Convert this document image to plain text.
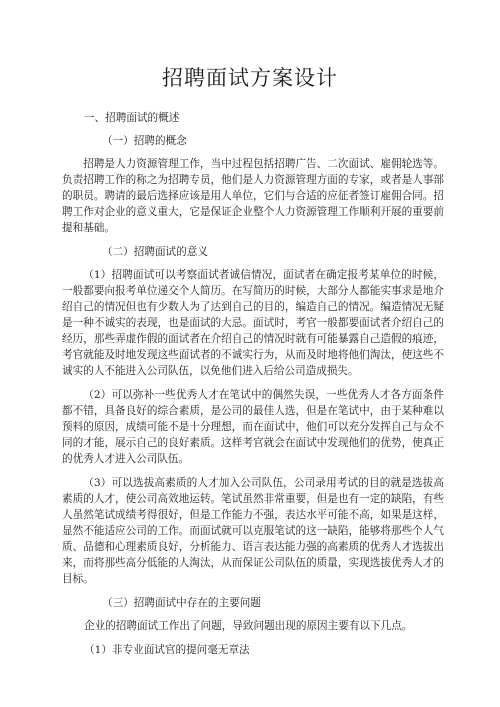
招聘面试方案设计

一、招聘面试的概述

（一）招聘的概念

招聘是人力资源管理工作，当中过程包括招聘广告、二次面试、雇佣轮选等。负责招聘工作的称之为招聘专员，他们是人力资源管理方面的专家，或者是人事部的职员。聘请的最后选择应该是用人单位，它们与合适的应征者签订雇佣合同。招聘工作对企业的意义重大，它是保证企业整个人力资源管理工作顺利开展的重要前提和基础。

（二）招聘面试的意义

（1）招聘面试可以考察面试者诚信情况，面试者在确定报考某单位的时候，一般都要向报考单位递交个人简历。在写简历的时候，大部分人都能实事求是地介绍自己的情况但也有少数人为了达到自己的目的，编造自己的情况。编造情况无疑是一种不诚实的表现，也是面试的大忌。面试时，考官一般都要面试者介绍自己的经历，那些弄虚作假的面试者在介绍自己的情况时就有可能暴露自己造假的痕迹，考官就能及时地发现这些面试者的不诚实行为，从而及时地将他们淘汰，使这些不诚实的人不能进入公司队伍，以免他们进入后给公司造成损失。

（2）可以弥补一些优秀人才在笔试中的偶然失误，一些优秀人才各方面条件都不错，具备良好的综合素质，是公司的最佳人选，但是在笔试中，由于某种难以预料的原因，成绩可能不是十分理想，而在面试中，他们可以充分发挥自己与众不同的才能，展示自己的良好素质。这样考官就会在面试中发现他们的优势，使真正的优秀人才进入公司队伍。

（3）可以选拔高素质的人才加入公司队伍，公司录用考试的目的就是选拔高素质的人才，使公司高效地运转。笔试虽然非常重要，但是也有一定的缺陷，有些人虽然笔试成绩考得很好，但是工作能力不强，表达水平可能不高，如果是这样，显然不能适应公司的工作。而面试就可以克服笔试的这一缺陷，能够将那些个人气质、品德和心理素质良好，分析能力、语言表达能力强的高素质的优秀人才选拔出来，而将那些高分低能的人淘汰，从而保证公司队伍的质量，实现选拔优秀人才的目标。

（三）招聘面试中存在的主要问题

企业的招聘面试工作出了问题，导致问题出现的原因主要有以下几点。

（1）非专业面试官的提问毫无章法
